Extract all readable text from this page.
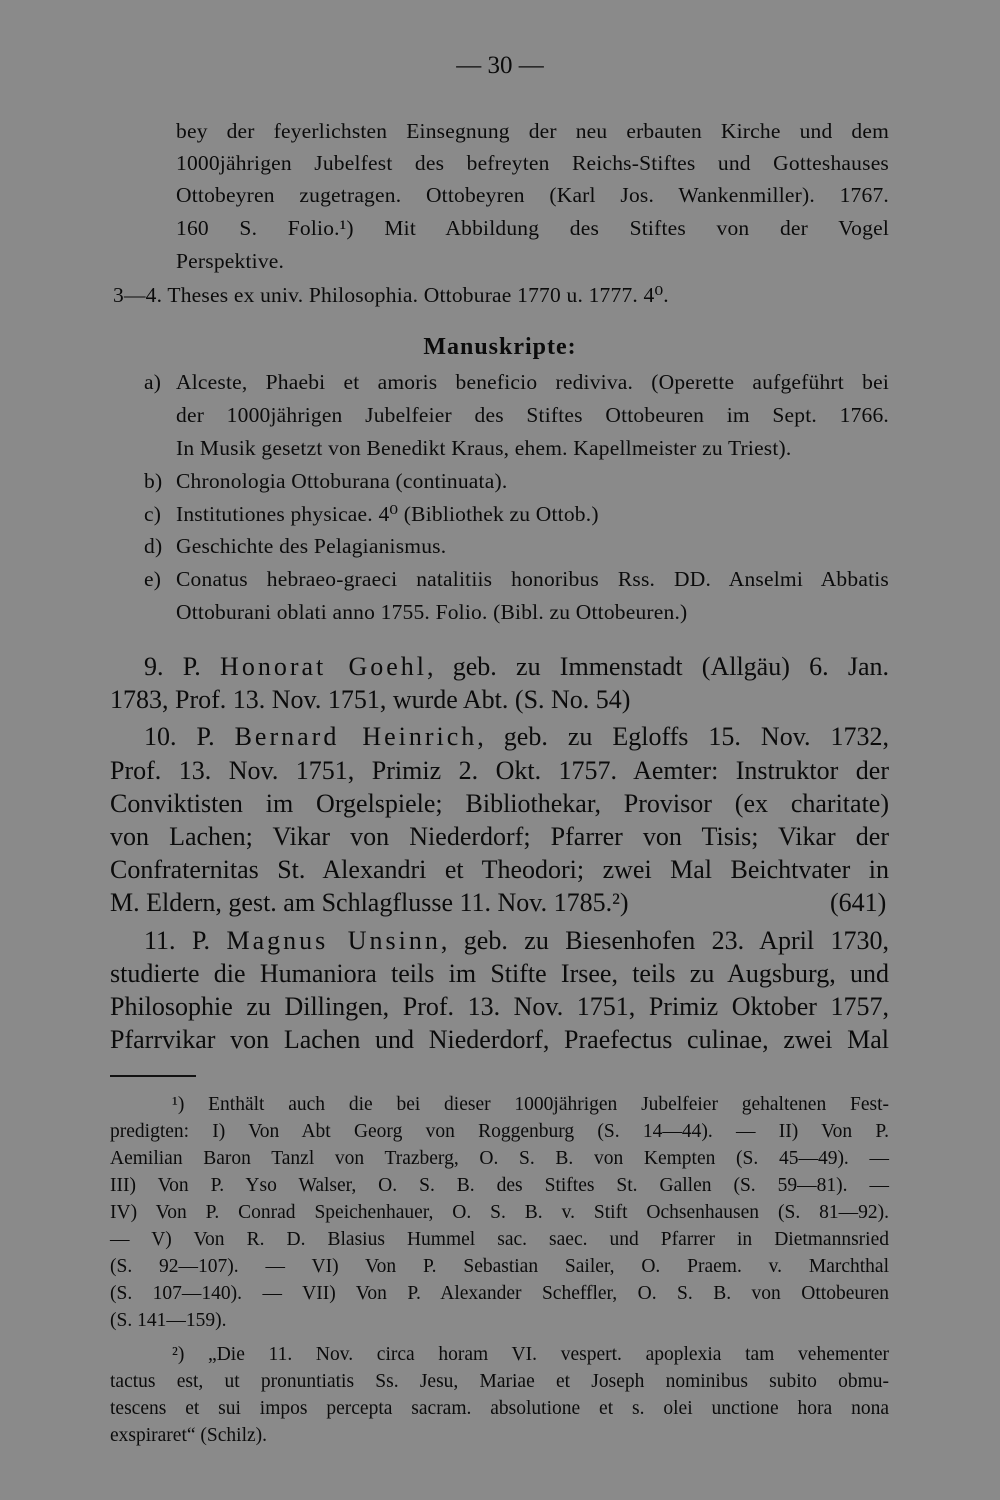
— 30 —
bey der feyerlichsten Einsegnung der neu erbauten Kirche und dem
1000jährigen Jubelfest des befreyten Reichs-Stiftes und Gotteshauses
Ottobeyren zugetragen. Ottobeyren (Karl Jos. Wankenmiller). 1767.
160 S. Folio.¹) Mit Abbildung des Stiftes von der Vogel
Perspektive.
3—4. Theses ex univ. Philosophia. Ottoburae 1770 u. 1777. 4⁰.
Manuskripte:
a) Alceste, Phaebi et amoris beneficio rediviva. (Operette aufgeführt bei
der 1000jährigen Jubelfeier des Stiftes Ottobeuren im Sept. 1766.
In Musik gesetzt von Benedikt Kraus, ehem. Kapellmeister zu Triest).
b) Chronologia Ottoburana (continuata).
c) Institutiones physicae. 4⁰ (Bibliothek zu Ottob.)
d) Geschichte des Pelagianismus.
e) Conatus hebraeo-graeci natalitiis honoribus Rss. DD. Anselmi Abbatis
Ottoburani oblati anno 1755. Folio. (Bibl. zu Ottobeuren.)
9. P. Honorat Goehl, geb. zu Immenstadt (Allgäu) 6. Jan.
1783, Prof. 13. Nov. 1751, wurde Abt. (S. No. 54)
10. P. Bernard Heinrich, geb. zu Egloffs 15. Nov. 1732,
Prof. 13. Nov. 1751, Primiz 2. Okt. 1757. Aemter: Instruktor der
Conviktisten im Orgelspiele; Bibliothekar, Provisor (ex charitate)
von Lachen; Vikar von Niederdorf; Pfarrer von Tisis; Vikar der
Confraternitas St. Alexandri et Theodori; zwei Mal Beichtvater in
M. Eldern, gest. am Schlagflusse 11. Nov. 1785.²)	(641)
11. P. Magnus Unsinn, geb. zu Biesenhofen 23. April 1730,
studierte die Humaniora teils im Stifte Irsee, teils zu Augsburg, und
Philosophie zu Dillingen, Prof. 13. Nov. 1751, Primiz Oktober 1757,
Pfarrvikar von Lachen und Niederdorf, Praefectus culinae, zwei Mal
¹) Enthält auch die bei dieser 1000jährigen Jubelfeier gehaltenen Fest-
predigten: I) Von Abt Georg von Roggenburg (S. 14—44). — II) Von P.
Aemilian Baron Tanzl von Trazberg, O. S. B. von Kempten (S. 45—49). —
III) Von P. Yso Walser, O. S. B. des Stiftes St. Gallen (S. 59—81). —
IV) Von P. Conrad Speichenhauer, O. S. B. v. Stift Ochsenhausen (S. 81—92).
— V) Von R. D. Blasius Hummel sac. saec. und Pfarrer in Dietmannsried
(S. 92—107). — VI) Von P. Sebastian Sailer, O. Praem. v. Marchthal
(S. 107—140). — VII) Von P. Alexander Scheffler, O. S. B. von Ottobeuren
(S. 141—159).
²) „Die 11. Nov. circa horam VI. vespert. apoplexia tam vehementer
tactus est, ut pronuntiatis Ss. Jesu, Mariae et Joseph nominibus subito obmu-
tescens et sui impos percepta sacram. absolutione et s. olei unctione hora nona
exspiraret“ (Schilz).
